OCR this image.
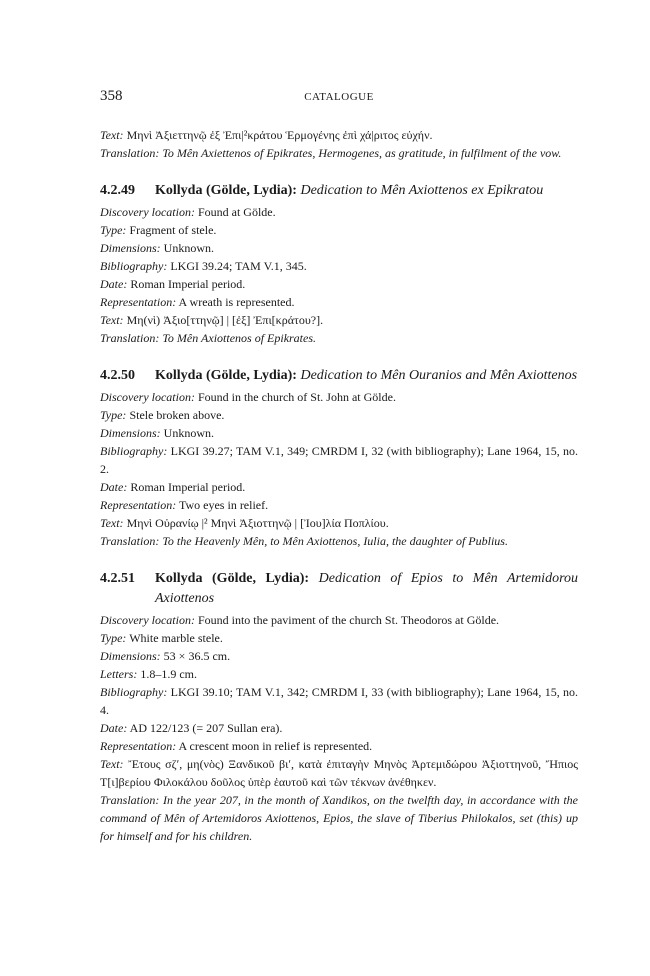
358	CATALOGUE
Text: Μηνὶ Ἀξιεττηνῷ ἐξ Ἐπι|²κράτου Ἑρμογένης ἐπὶ χά|ριτος εὐχήν.
Translation: To Mên Axiettenos of Epikrates, Hermogenes, as gratitude, in fulfilment of the vow.
4.2.49	Kollyda (Gölde, Lydia): Dedication to Mên Axiottenos ex Epikratou
Discovery location: Found at Gölde.
Type: Fragment of stele.
Dimensions: Unknown.
Bibliography: LKGI 39.24; TAM V.1, 345.
Date: Roman Imperial period.
Representation: A wreath is represented.
Text: Μη(νὶ) Ἀξιο[ττηνῷ] | [ἐξ] Ἐπι[κράτου?].
Translation: To Mên Axiottenos of Epikrates.
4.2.50	Kollyda (Gölde, Lydia): Dedication to Mên Ouranios and Mên Axiottenos
Discovery location: Found in the church of St. John at Gölde.
Type: Stele broken above.
Dimensions: Unknown.
Bibliography: LKGI 39.27; TAM V.1, 349; CMRDM I, 32 (with bibliography); Lane 1964, 15, no. 2.
Date: Roman Imperial period.
Representation: Two eyes in relief.
Text: Μηνὶ Οὐρανίῳ |² Μηνὶ Ἀξιοττηνῷ | [Ἰου]λία Ποπλίου.
Translation: To the Heavenly Mên, to Mên Axiottenos, Iulia, the daughter of Publius.
4.2.51	Kollyda (Gölde, Lydia): Dedication of Epios to Mên Artemidorou Axiottenos
Discovery location: Found into the paviment of the church St. Theodoros at Gölde.
Type: White marble stele.
Dimensions: 53 × 36.5 cm.
Letters: 1.8–1.9 cm.
Bibliography: LKGI 39.10; TAM V.1, 342; CMRDM I, 33 (with bibliography); Lane 1964, 15, no. 4.
Date: AD 122/123 (= 207 Sullan era).
Representation: A crescent moon in relief is represented.
Text: Ἔτους σζʹ, μη(νὸς) Ξανδικοῦ βιʹ, κατὰ ἐπιταγὴν Μηνὸς Ἀρτεμιδώρου Ἀξιοττηνοῦ, Ἤπιος Τ[ι]βερίου Φιλοκάλου δοῦλος ὑπὲρ ἑαυτοῦ καὶ τῶν τέκνων ἀνέθηκεν.
Translation: In the year 207, in the month of Xandikos, on the twelfth day, in accordance with the command of Mên of Artemidoros Axiottenos, Epios, the slave of Tiberius Philokalos, set (this) up for himself and for his children.
